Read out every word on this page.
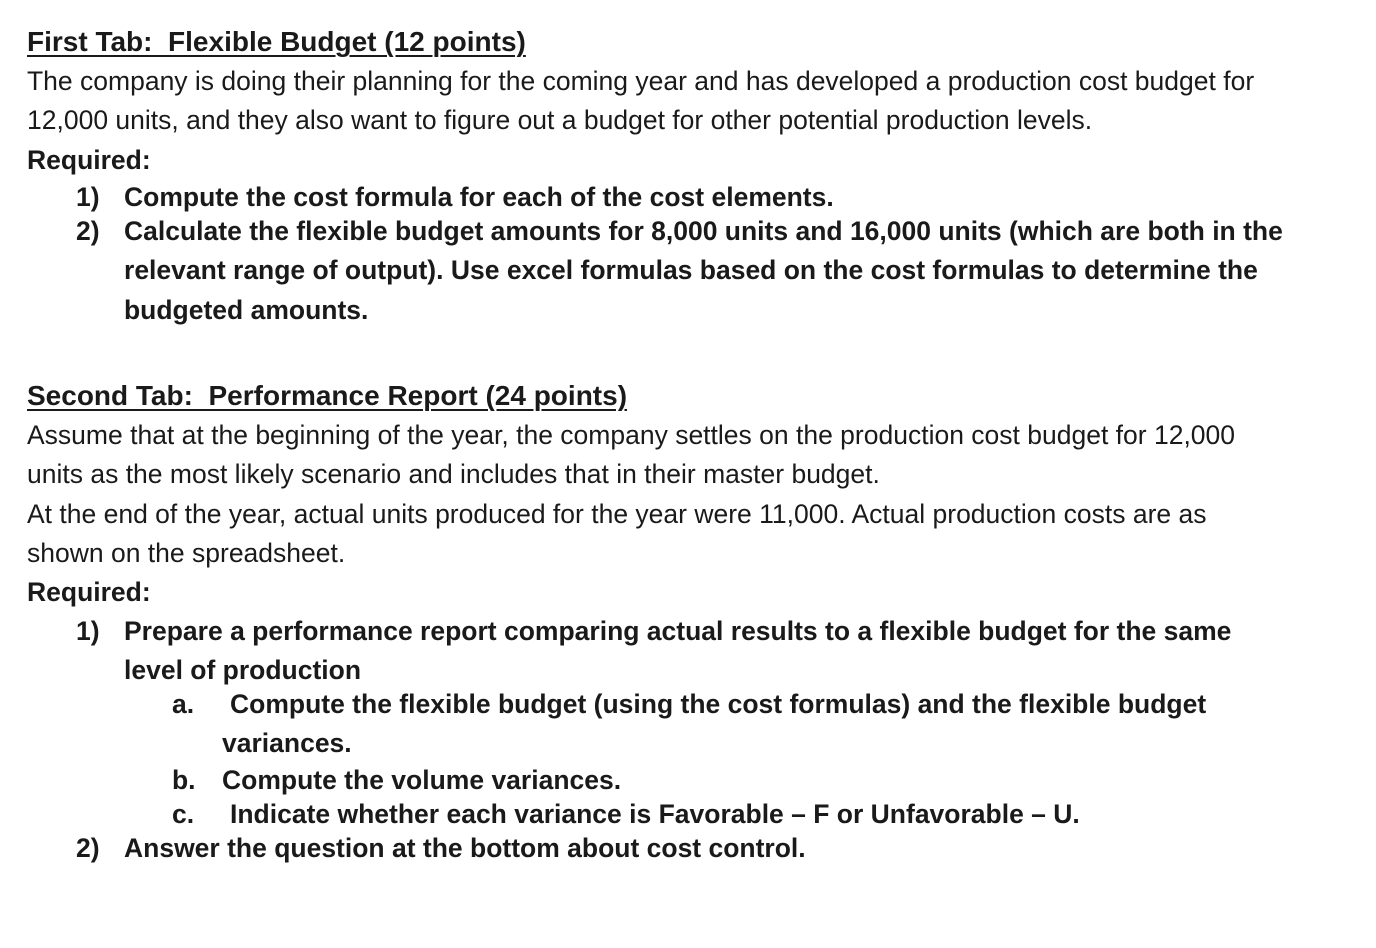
First Tab:  Flexible Budget (12 points)
The company is doing their planning for the coming year and has developed a production cost budget for 12,000 units, and they also want to figure out a budget for other potential production levels.
Required:
1) Compute the cost formula for each of the cost elements.
2) Calculate the flexible budget amounts for 8,000 units and 16,000 units (which are both in the relevant range of output). Use excel formulas based on the cost formulas to determine the budgeted amounts.
Second Tab:  Performance Report (24 points)
Assume that at the beginning of the year, the company settles on the production cost budget for 12,000 units as the most likely scenario and includes that in their master budget.
At the end of the year, actual units produced for the year were 11,000. Actual production costs are as shown on the spreadsheet.
Required:
1) Prepare a performance report comparing actual results to a flexible budget for the same level of production
a.	Compute the flexible budget (using the cost formulas) and the flexible budget variances.
b. Compute the volume variances.
c. Indicate whether each variance is Favorable – F or Unfavorable – U.
2) Answer the question at the bottom about cost control.
